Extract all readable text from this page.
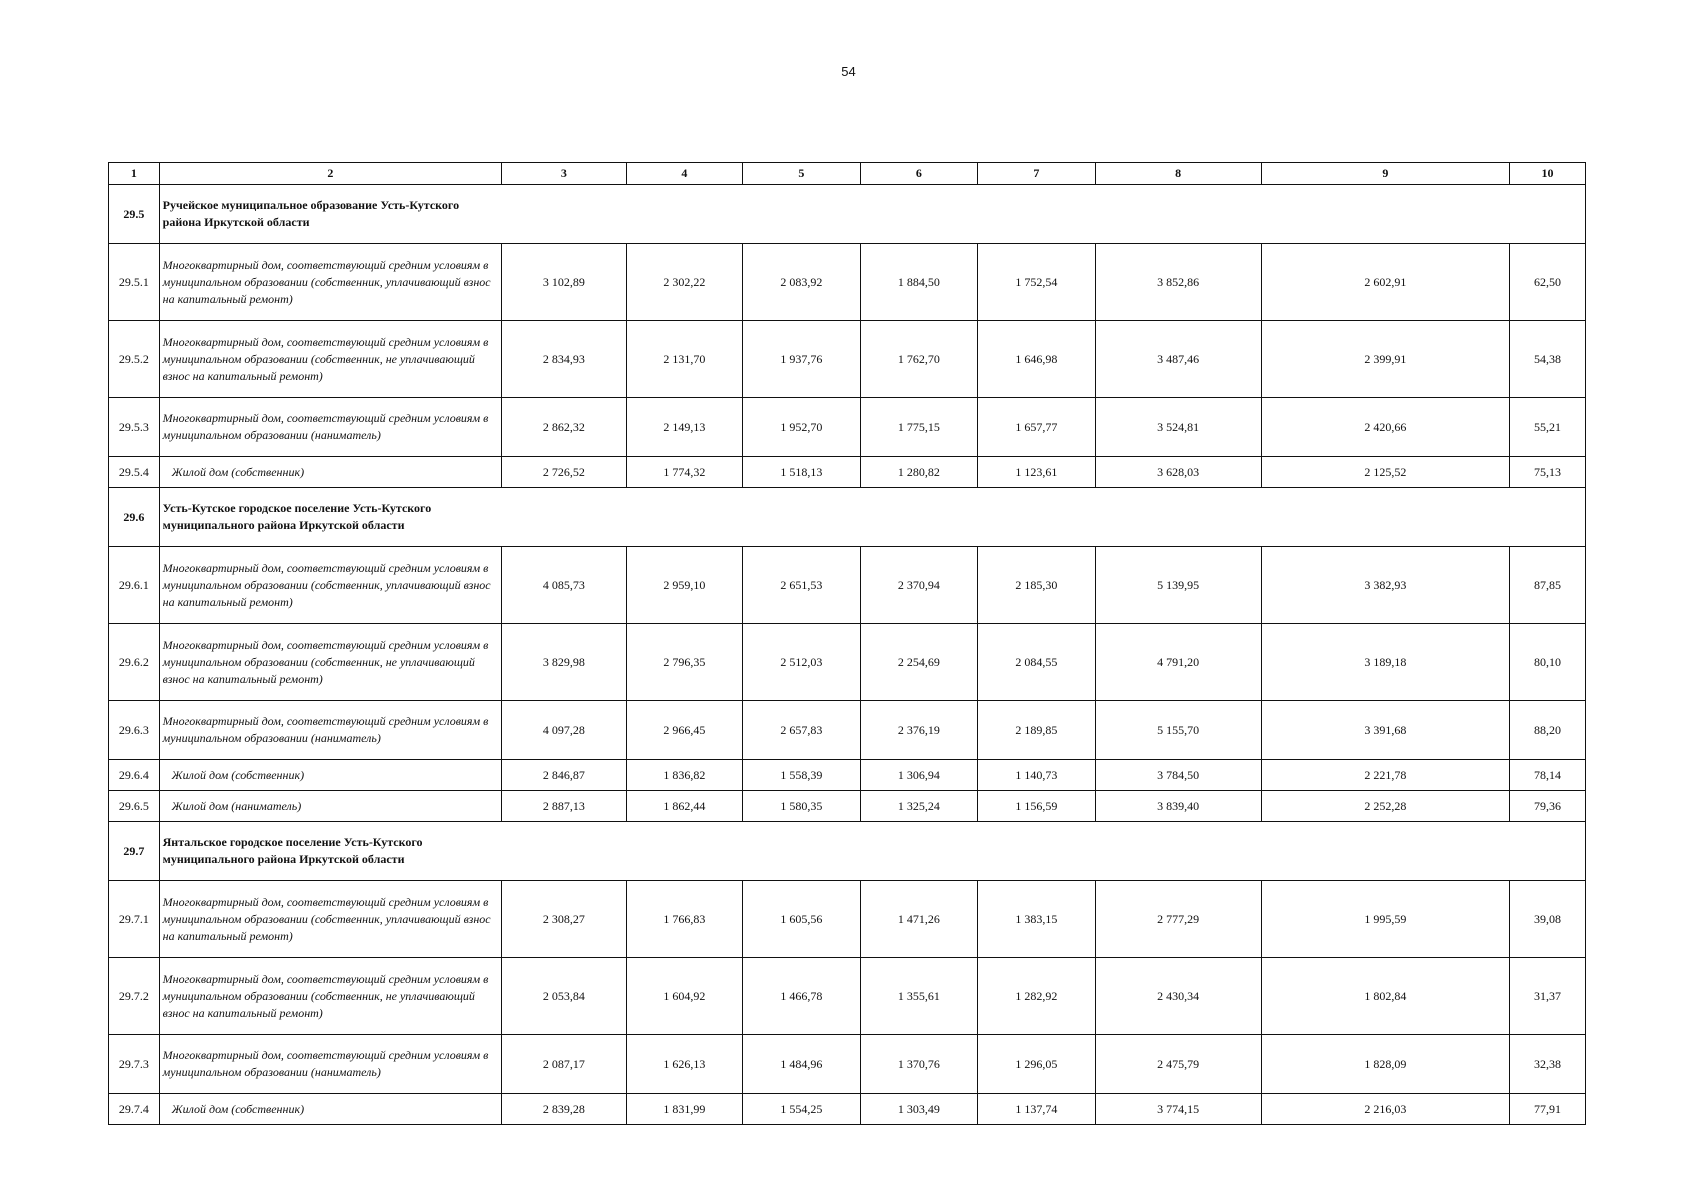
54
1	2	3	4	5	6	7	8	9	10
29.5	Ручейское муниципальное образование Усть-Кутского района Иркутской области								

29.5.1	Многоквартирный дом, соответствующий средним условиям в муниципальном образовании (собственник, уплачивающий взнос на капитальный ремонт)	3 102,89	2 302,22	2 083,92	1 884,50	1 752,54	3 852,86	2 602,91	62,50
29.5.2	Многоквартирный дом, соответствующий средним условиям в муниципальном образовании (собственник, не уплачивающий взнос на капитальный ремонт)	2 834,93	2 131,70	1 937,76	1 762,70	1 646,98	3 487,46	2 399,91	54,38
29.5.3	Многоквартирный дом, соответствующий средним условиям в муниципальном образовании (наниматель)	2 862,32	2 149,13	1 952,70	1 775,15	1 657,77	3 524,81	2 420,66	55,21
29.5.4	Жилой дом (собственник)	2 726,52	1 774,32	1 518,13	1 280,82	1 123,61	3 628,03	2 125,52	75,13
29.6	Усть-Кутское городское поселение Усть-Кутского муниципального района Иркутской области								

29.6.1	Многоквартирный дом, соответствующий средним условиям в муниципальном образовании (собственник, уплачивающий взнос на капитальный ремонт)	4 085,73	2 959,10	2 651,53	2 370,94	2 185,30	5 139,95	3 382,93	87,85
29.6.2	Многоквартирный дом, соответствующий средним условиям в муниципальном образовании (собственник, не уплачивающий взнос на капитальный ремонт)	3 829,98	2 796,35	2 512,03	2 254,69	2 084,55	4 791,20	3 189,18	80,10
29.6.3	Многоквартирный дом, соответствующий средним условиям в муниципальном образовании (наниматель)	4 097,28	2 966,45	2 657,83	2 376,19	2 189,85	5 155,70	3 391,68	88,20
29.6.4	Жилой дом (собственник)	2 846,87	1 836,82	1 558,39	1 306,94	1 140,73	3 784,50	2 221,78	78,14
29.6.5	Жилой дом (наниматель)	2 887,13	1 862,44	1 580,35	1 325,24	1 156,59	3 839,40	2 252,28	79,36
29.7	Янтальское городское поселение Усть-Кутского муниципального района Иркутской области								

29.7.1	Многоквартирный дом, соответствующий средним условиям в муниципальном образовании (собственник, уплачивающий взнос на капитальный ремонт)	2 308,27	1 766,83	1 605,56	1 471,26	1 383,15	2 777,29	1 995,59	39,08
29.7.2	Многоквартирный дом, соответствующий средним условиям в муниципальном образовании (собственник, не уплачивающий взнос на капитальный ремонт)	2 053,84	1 604,92	1 466,78	1 355,61	1 282,92	2 430,34	1 802,84	31,37
29.7.3	Многоквартирный дом, соответствующий средним условиям в муниципальном образовании (наниматель)	2 087,17	1 626,13	1 484,96	1 370,76	1 296,05	2 475,79	1 828,09	32,38
29.7.4	Жилой дом (собственник)	2 839,28	1 831,99	1 554,25	1 303,49	1 137,74	3 774,15	2 216,03	77,91
